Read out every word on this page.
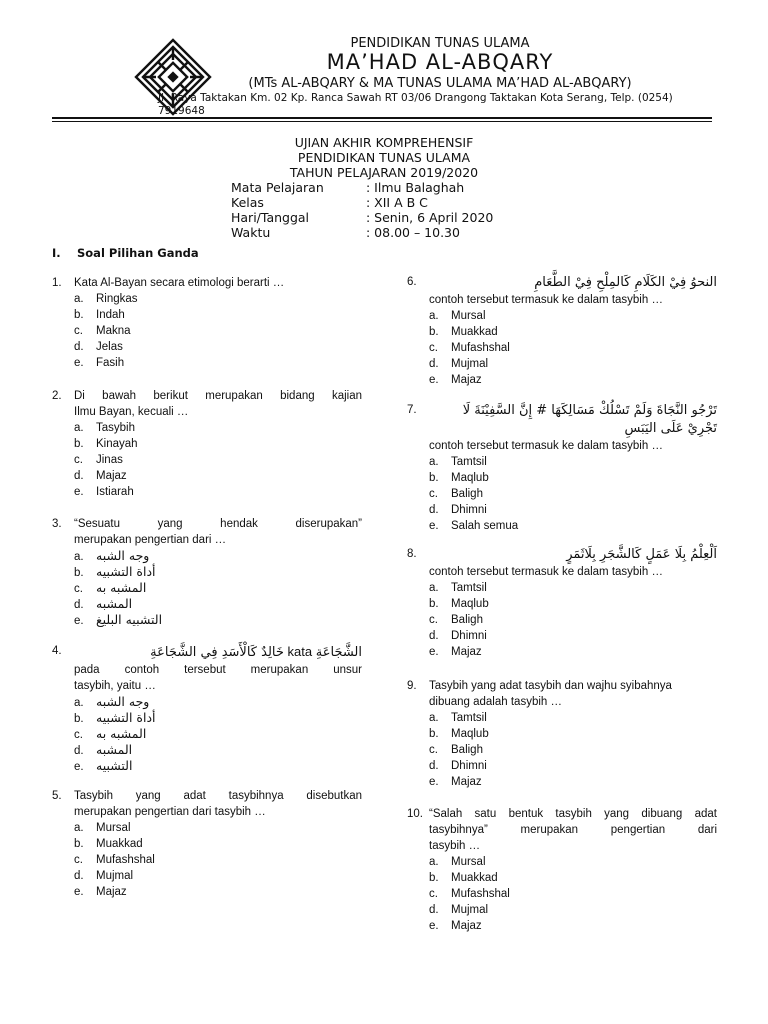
PENDIDIKAN TUNAS ULAMA
MA’HAD AL-ABQARY
(MTs AL-ABQARY & MA TUNAS ULAMA MA’HAD AL-ABQARY)
Jl. Raya Taktakan Km. 02 Kp. Ranca Sawah RT 03/06 Drangong Taktakan Kota Serang, Telp. (0254)
7919648
UJIAN AKHIR KOMPREHENSIF
PENDIDIKAN TUNAS ULAMA
TAHUN PELAJARAN 2019/2020
Mata Pelajaran	: Ilmu Balaghah
Kelas	: XII A B C
Hari/Tanggal	: Senin, 6 April 2020
Waktu	: 08.00 – 10.30
I. Soal Pilihan Ganda
1.	Kata Al-Bayan secara etimologi berarti …
a. Ringkas
b. Indah
c. Makna
d. Jelas
e. Fasih
2.	Di bawah berikut merupakan bidang kajian
Ilmu Bayan, kecuali …
a. Tasybih
b. Kinayah
c. Jinas
d. Majaz
e. Istiarah
3.	“Sesuatu yang hendak diserupakan”
merupakan pengertian dari …
a. وجه الشبه
b. أداة التشبيه
c. المشبه به
d. المشبه
e. التشبيه البليغ
4.	الشَّجَاعَةِ kata خَالِدٌ كَالْأَسَدِ فِي الشَّجَاعَةِ
pada contoh tersebut merupakan unsur
tasybih, yaitu …
a. وجه الشبه
b. أداة التشبيه
c. المشبه به
d. المشبه
e. التشبيه
5.	Tasybih yang adat tasybihnya disebutkan
merupakan pengertian dari tasybih …
a. Mursal
b. Muakkad
c. Mufashshal
d. Mujmal
e. Majaz
6.	النحوُ فِيْ الكَلَامِ كَالمِلْحِ فِيْ الطَّعَامِ
contoh tersebut termasuk ke dalam tasybih …
a. Mursal
b. Muakkad
c. Mufashshal
d. Mujmal
e. Majaz
7.	تَرْجُو النَّجَاةَ وَلَمْ تَسْلُكْ مَسَالِكَهَا # إِنَّ السَّفِيْنَةَ لَا
تَجْرِيْ عَلَى اليَبَسِ
contoh tersebut termasuk ke dalam tasybih …
a. Tamtsil
b. Maqlub
c. Baligh
d. Dhimni
e. Salah semua
8.	اَلْعِلْمُ بِلَا عَمَلٍ كَالشَّجَرِ بِلَاثَمَرٍ
contoh tersebut termasuk ke dalam tasybih …
a. Tamtsil
b. Maqlub
c. Baligh
d. Dhimni
e. Majaz
9.	Tasybih yang adat tasybih dan wajhu syibahnya
dibuang adalah tasybih …
a. Tamtsil
b. Maqlub
c. Baligh
d. Dhimni
e. Majaz
10. “Salah satu bentuk tasybih yang dibuang adat
tasybihnya” merupakan pengertian dari
tasybih …
a. Mursal
b. Muakkad
c. Mufashshal
d. Mujmal
e. Majaz
